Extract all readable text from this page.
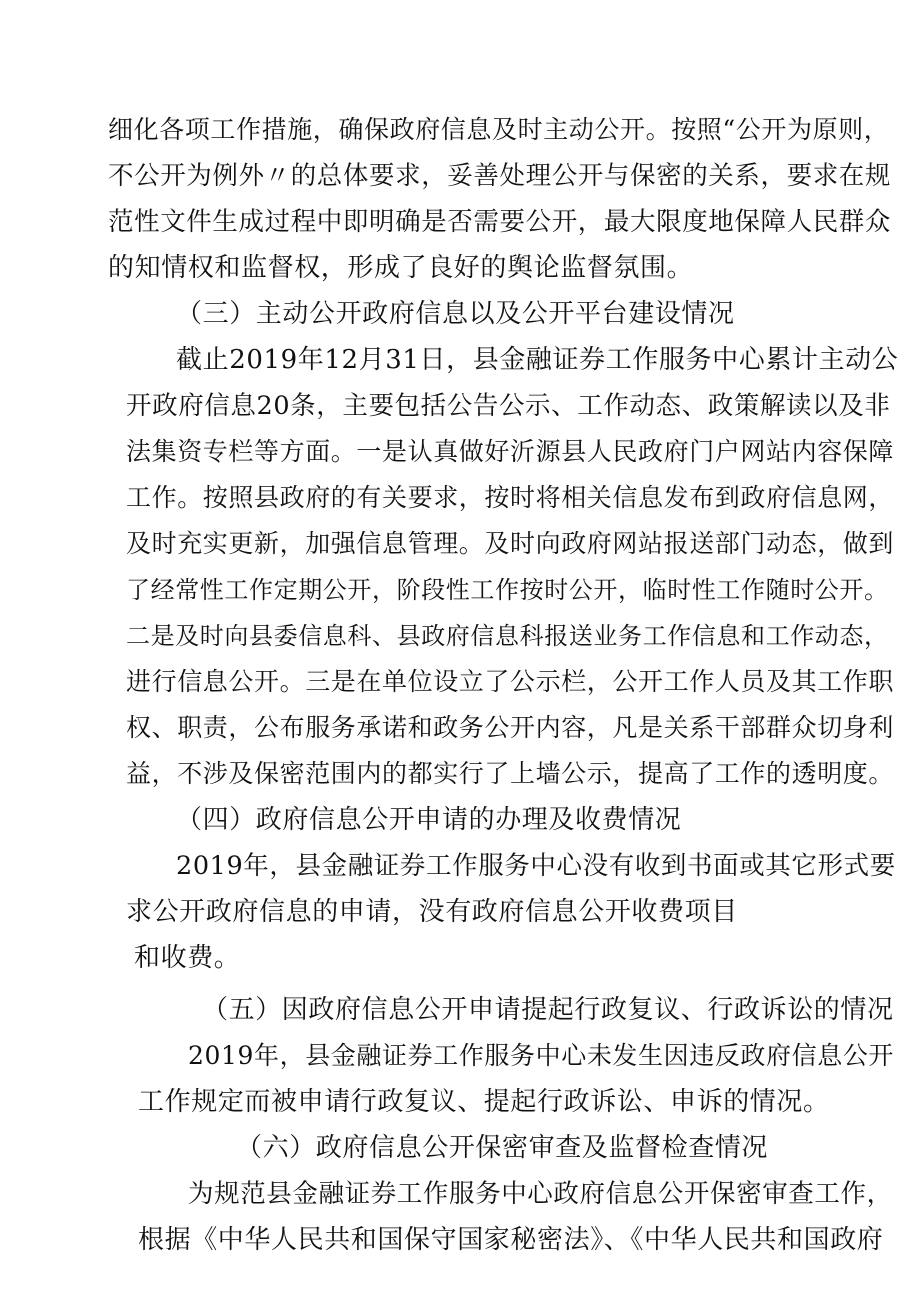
细化各项工作措施，确保政府信息及时主动公开。按照“公开为原则，
不公开为例外〃的总体要求，妥善处理公开与保密的关系，要求在规
范性文件生成过程中即明确是否需要公开，最大限度地保障人民群众
的知情权和监督权，形成了良好的舆论监督氛围。
（三）主动公开政府信息以及公开平台建设情况
截止2019年12月31日，县金融证券工作服务中心累计主动公
开政府信息20条，主要包括公告公示、工作动态、政策解读以及非
法集资专栏等方面。一是认真做好沂源县人民政府门户网站内容保障
工作。按照县政府的有关要求，按时将相关信息发布到政府信息网，
及时充实更新，加强信息管理。及时向政府网站报送部门动态，做到
了经常性工作定期公开，阶段性工作按时公开，临时性工作随时公开。
二是及时向县委信息科、县政府信息科报送业务工作信息和工作动态，
进行信息公开。三是在单位设立了公示栏，公开工作人员及其工作职
权、职责，公布服务承诺和政务公开内容，凡是关系干部群众切身利
益，不涉及保密范围内的都实行了上墙公示，提高了工作的透明度。
（四）政府信息公开申请的办理及收费情况
2019年，县金融证券工作服务中心没有收到书面或其它形式要
求公开政府信息的申请，没有政府信息公开收费项目
和收费。
（五）因政府信息公开申请提起行政复议、行政诉讼的情况
2019年，县金融证券工作服务中心未发生因违反政府信息公开
工作规定而被申请行政复议、提起行政诉讼、申诉的情况。
（六）政府信息公开保密审查及监督检查情况
为规范县金融证券工作服务中心政府信息公开保密审查工作，
根据《中华人民共和国保守国家秘密法》、《中华人民共和国政府
